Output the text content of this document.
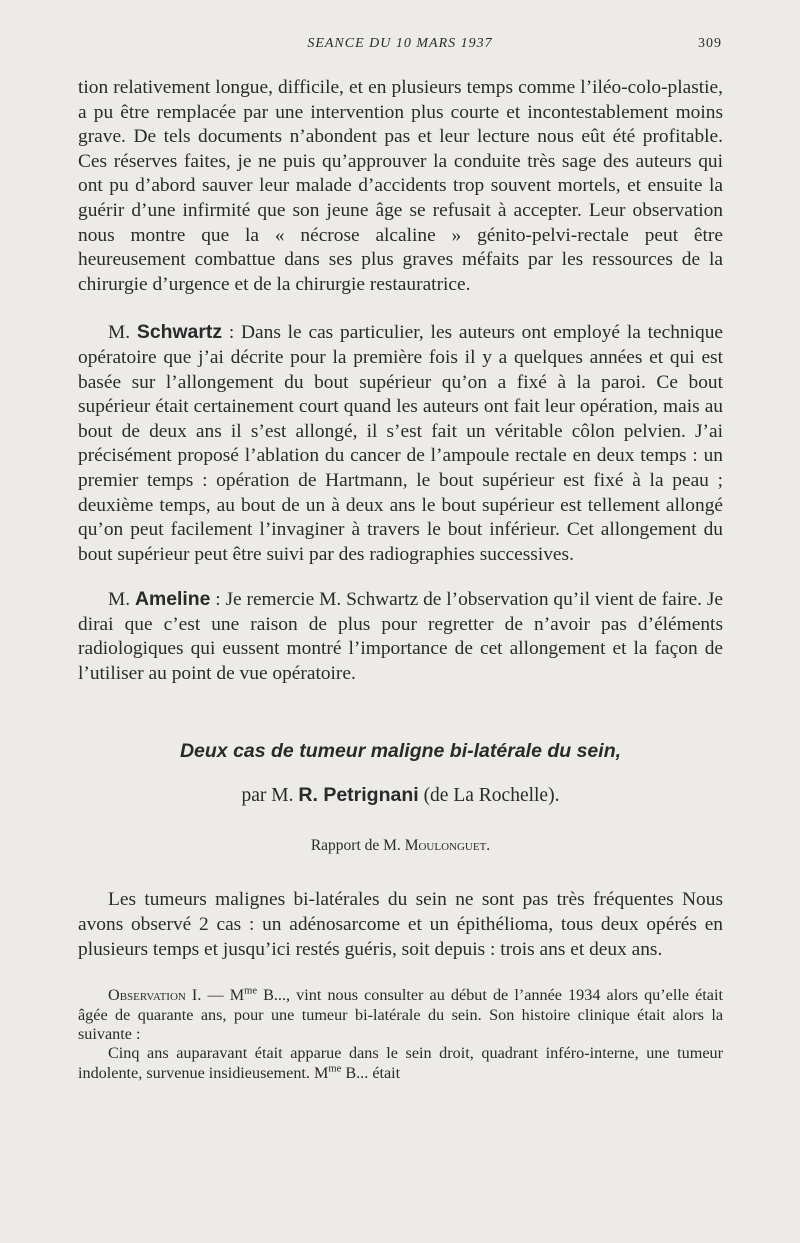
SEANCE DU 10 MARS 1937	309

tion relativement longue, difficile, et en plusieurs temps comme l’iléo-colo-plastie, a pu être remplacée par une intervention plus courte et incontestablement moins grave. De tels documents n’abondent pas et leur lecture nous eût été profitable. Ces réserves faites, je ne puis qu’approuver la conduite très sage des auteurs qui ont pu d’abord sauver leur malade d’accidents trop souvent mortels, et ensuite la guérir d’une infirmité que son jeune âge se refusait à accepter. Leur observation nous montre que la « nécrose alcaline » génito-pelvi-rectale peut être heureusement combattue dans ses plus graves méfaits par les ressources de la chirurgie d’urgence et de la chirurgie restauratrice.

M. Schwartz : Dans le cas particulier, les auteurs ont employé la technique opératoire que j’ai décrite pour la première fois il y a quelques années et qui est basée sur l’allongement du bout supérieur qu’on a fixé à la paroi. Ce bout supérieur était certainement court quand les auteurs ont fait leur opération, mais au bout de deux ans il s’est allongé, il s’est fait un véritable côlon pelvien. J’ai précisément proposé l’ablation du cancer de l’ampoule rectale en deux temps : un premier temps : opération de Hartmann, le bout supérieur est fixé à la peau ; deuxième temps, au bout de un à deux ans le bout supérieur est tellement allongé qu’on peut facilement l’invaginer à travers le bout inférieur. Cet allongement du bout supérieur peut être suivi par des radiographies successives.

M. Ameline : Je remercie M. Schwartz de l’observation qu’il vient de faire. Je dirai que c’est une raison de plus pour regretter de n’avoir pas d’éléments radiologiques qui eussent montré l’importance de cet allongement et la façon de l’utiliser au point de vue opératoire.

Deux cas de tumeur maligne bi-latérale du sein,

par M. R. Petrignani (de La Rochelle).

Rapport de M. Moulonguet.

Les tumeurs malignes bi-latérales du sein ne sont pas très fréquentes Nous avons observé 2 cas : un adénosarcome et un épithélioma, tous deux opérés en plusieurs temps et jusqu’ici restés guéris, soit depuis : trois ans et deux ans.

Observation I. — $M^{me}$ B..., vint nous consulter au début de l’année 1934 alors qu’elle était âgée de quarante ans, pour une tumeur bi-latérale du sein. Son histoire clinique était alors la suivante :

Cinq ans auparavant était apparue dans le sein droit, quadrant inféro-interne, une tumeur indolente, survenue insidieusement. $M^{me}$ B... était
